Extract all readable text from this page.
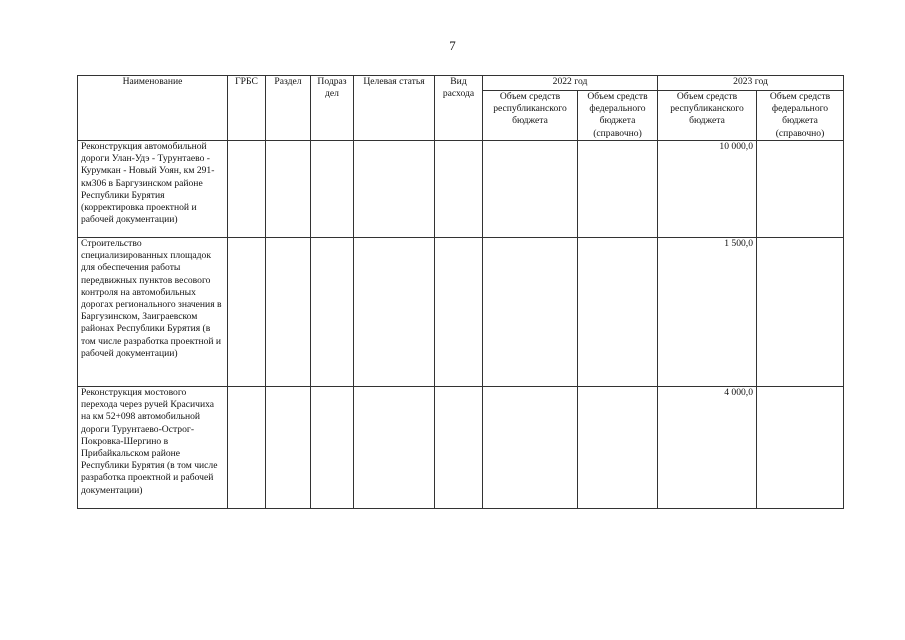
7
Наименование	ГРБС	Раздел	Подраз дел	Целевая статья	Вид расхода	2022 год		2023 год	
						Объем средств республиканского бюджета	Объем средств федерального бюджета (справочно)	Объем средств республиканского бюджета	Объем средств федерального бюджета (справочно)
Реконструкция автомобильной дороги Улан-Удэ - Турунтаево - Курумкан - Новый Уоян, км 291-км306 в Баргузинском районе Республики Бурятия (корректировка проектной и рабочей документации)								10 000,0	
Строительство специализированных площадок для обеспечения работы передвижных пунктов весового контроля на автомобильных дорогах регионального значения в Баргузинском, Заиграевском районах Республики Бурятия (в том числе разработка проектной и рабочей документации)								1 500,0	
Реконструкция мостового перехода через ручей Красичиха на км 52+098 автомобильной дороги Турунтаево-Острог-Покровка-Шергино в Прибайкальском районе Республики Бурятия (в том числе разработка проектной и рабочей документации)								4 000,0	
